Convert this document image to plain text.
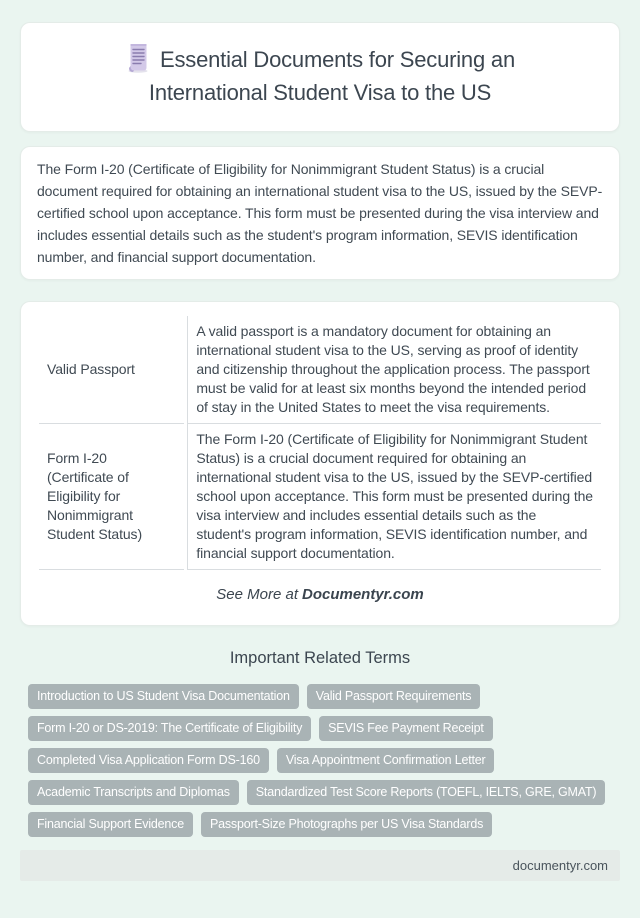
Essential Documents for Securing an International Student Visa to the US

The Form I-20 (Certificate of Eligibility for Nonimmigrant Student Status) is a crucial document required for obtaining an international student visa to the US, issued by the SEVP-certified school upon acceptance. This form must be presented during the visa interview and includes essential details such as the student's program information, SEVIS identification number, and financial support documentation.

Valid Passport	A valid passport is a mandatory document for obtaining an international student visa to the US, serving as proof of identity and citizenship throughout the application process. The passport must be valid for at least six months beyond the intended period of stay in the United States to meet the visa requirements.
Form I-20 (Certificate of Eligibility for Nonimmigrant Student Status)	The Form I-20 (Certificate of Eligibility for Nonimmigrant Student Status) is a crucial document required for obtaining an international student visa to the US, issued by the SEVP-certified school upon acceptance. This form must be presented during the visa interview and includes essential details such as the student's program information, SEVIS identification number, and financial support documentation.

See More at Documentyr.com

Important Related Terms
Introduction to US Student Visa Documentation	Valid Passport Requirements
Form I-20 or DS-2019: The Certificate of Eligibility	SEVIS Fee Payment Receipt
Completed Visa Application Form DS-160	Visa Appointment Confirmation Letter
Academic Transcripts and Diplomas	Standardized Test Score Reports (TOEFL, IELTS, GRE, GMAT)
Financial Support Evidence	Passport-Size Photographs per US Visa Standards
documentyr.com
